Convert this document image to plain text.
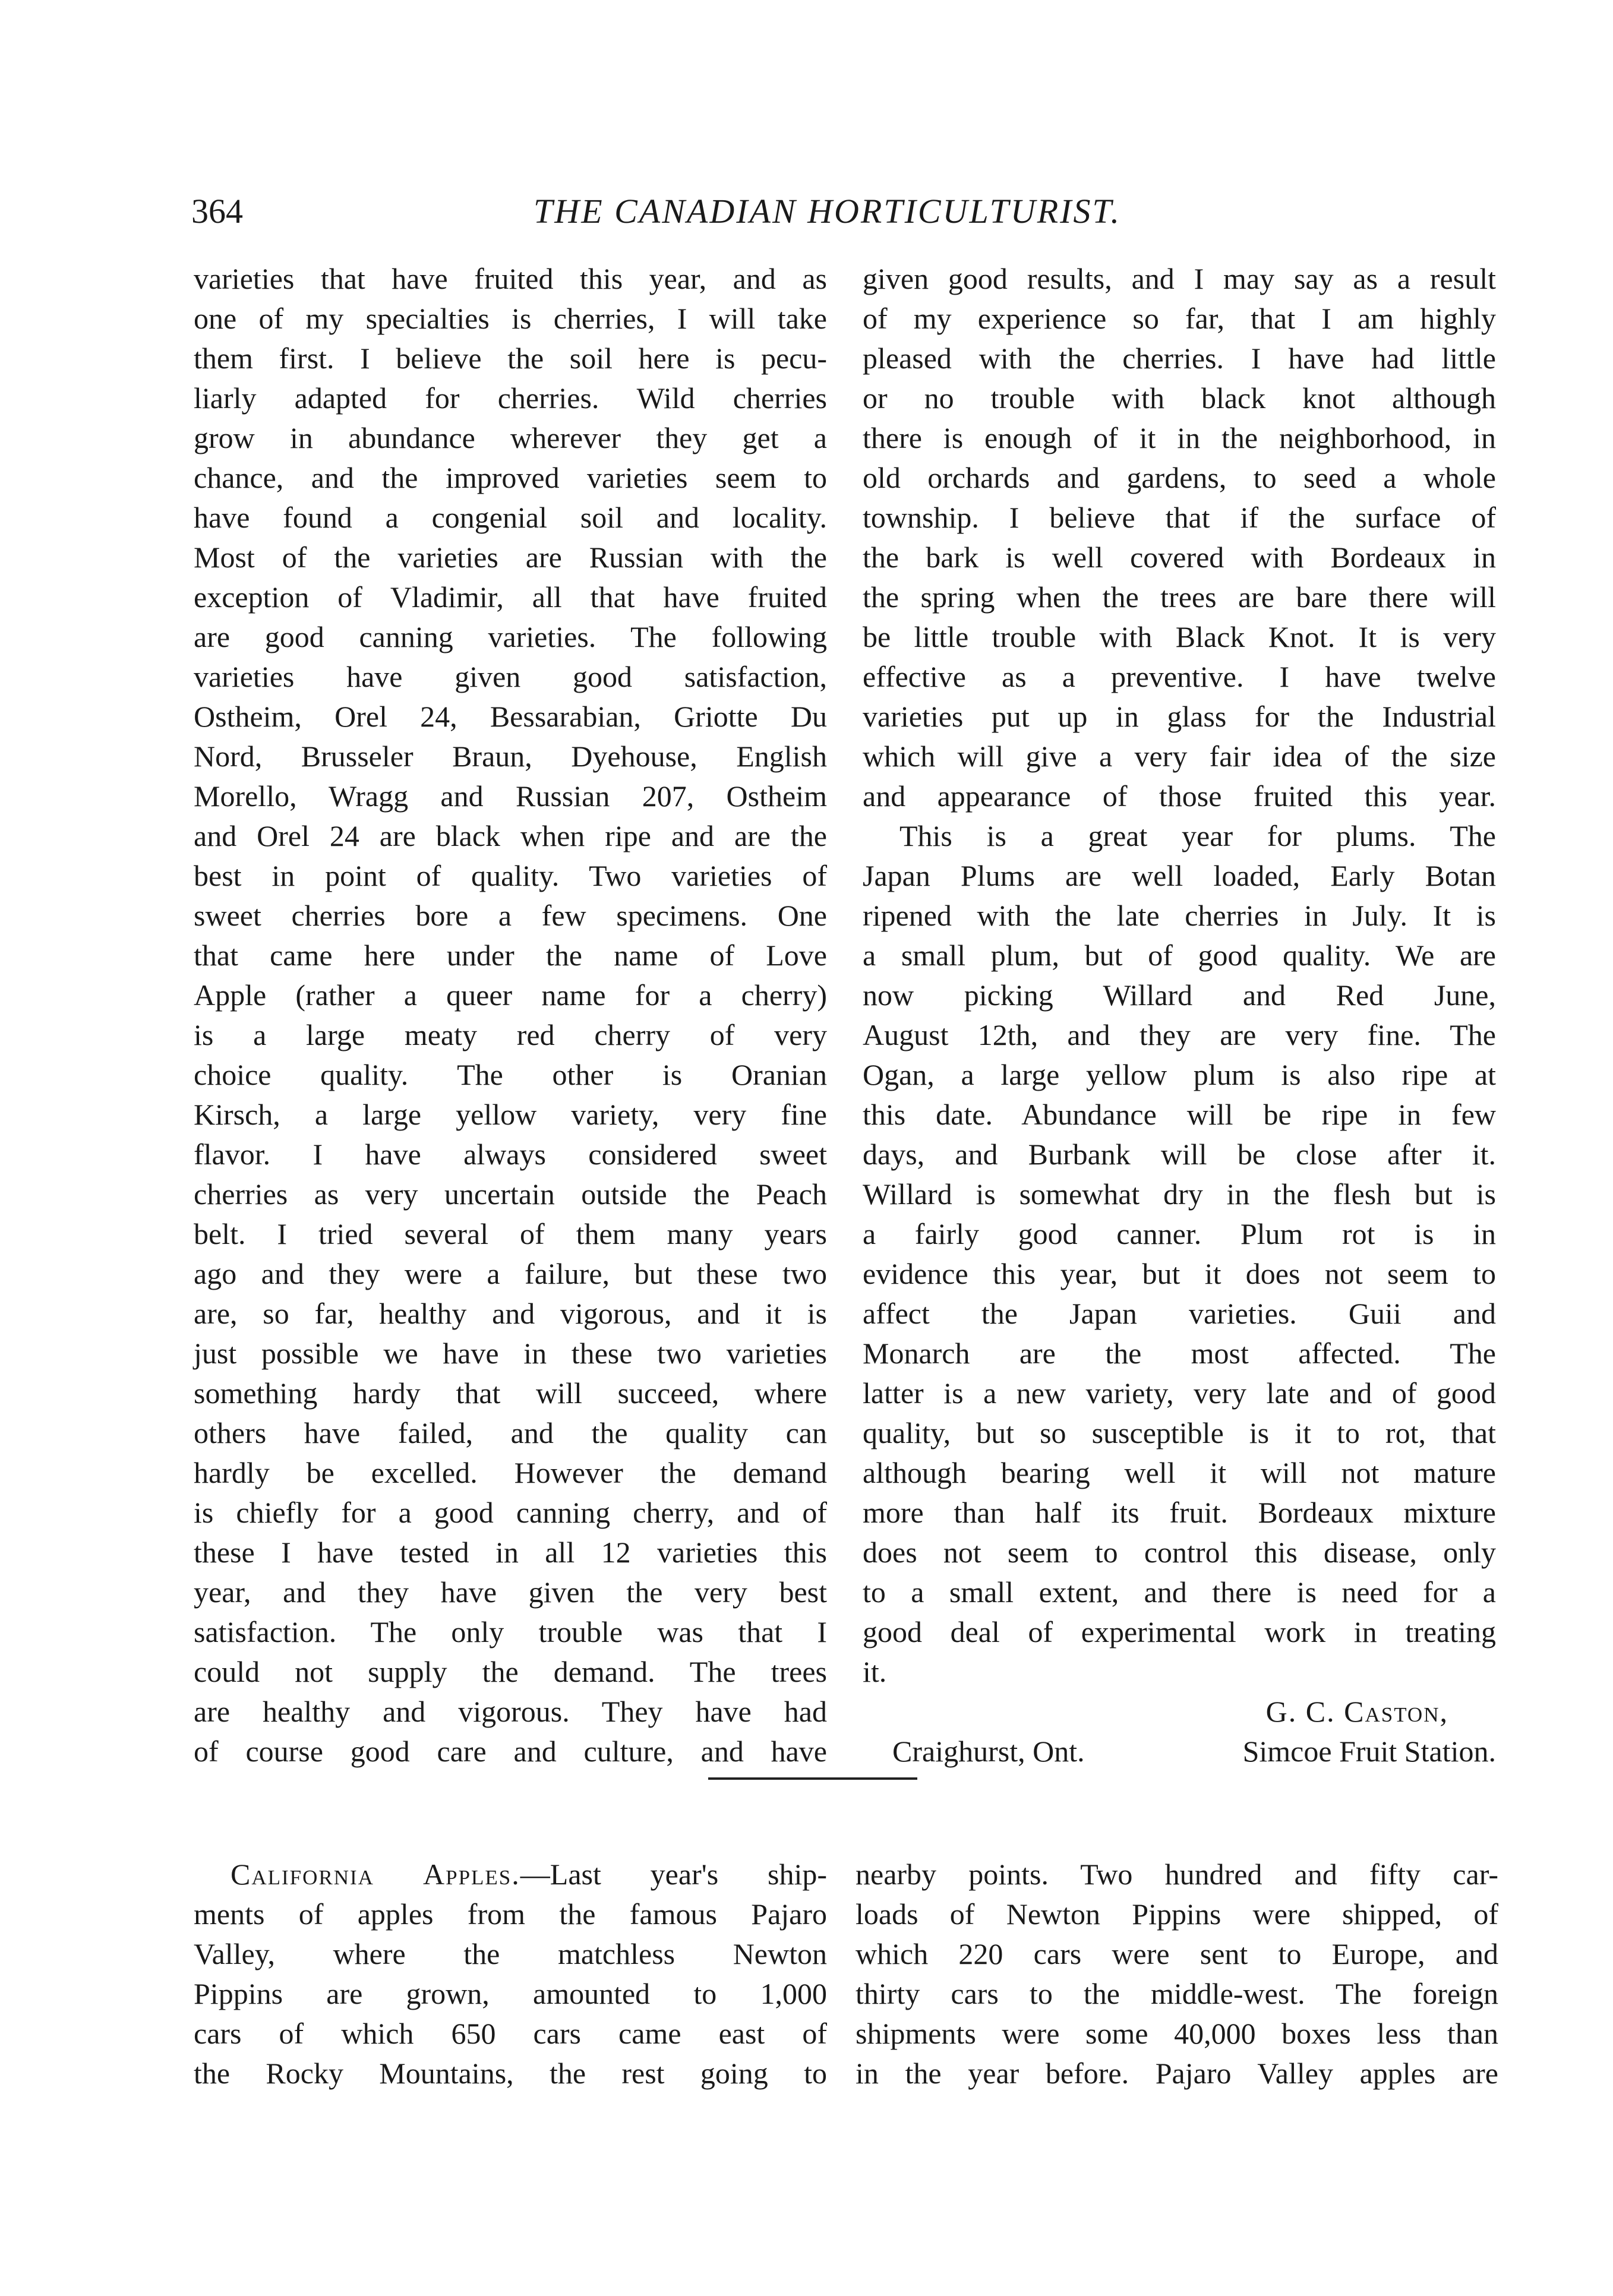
364	THE CANADIAN HORTICULTURIST.
varieties that have fruited this year, and as
one of my specialties is cherries, I will take
them first. I believe the soil here is pecu-
liarly adapted for cherries. Wild cherries
grow in abundance wherever they get a
chance, and the improved varieties seem to
have found a congenial soil and locality.
Most of the varieties are Russian with the
exception of Vladimir, all that have fruited
are good canning varieties. The following
varieties have given good satisfaction,
Ostheim, Orel 24, Bessarabian, Griotte Du
Nord, Brusseler Braun, Dyehouse, English
Morello, Wragg and Russian 207, Ostheim
and Orel 24 are black when ripe and are the
best in point of quality. Two varieties of
sweet cherries bore a few specimens. One
that came here under the name of Love
Apple (rather a queer name for a cherry)
is a large meaty red cherry of very
choice quality. The other is Oranian
Kirsch, a large yellow variety, very fine
flavor. I have always considered sweet
cherries as very uncertain outside the Peach
belt. I tried several of them many years
ago and they were a failure, but these two
are, so far, healthy and vigorous, and it is
just possible we have in these two varieties
something hardy that will succeed, where
others have failed, and the quality can
hardly be excelled. However the demand
is chiefly for a good canning cherry, and of
these I have tested in all 12 varieties this
year, and they have given the very best
satisfaction. The only trouble was that I
could not supply the demand. The trees
are healthy and vigorous. They have had
of course good care and culture, and have
given good results, and I may say as a result
of my experience so far, that I am highly
pleased with the cherries. I have had little
or no trouble with black knot although
there is enough of it in the neighborhood, in
old orchards and gardens, to seed a whole
township. I believe that if the surface of
the bark is well covered with Bordeaux in
the spring when the trees are bare there will
be little trouble with Black Knot. It is very
effective as a preventive. I have twelve
varieties put up in glass for the Industrial
which will give a very fair idea of the size
and appearance of those fruited this year.
This is a great year for plums. The
Japan Plums are well loaded, Early Botan
ripened with the late cherries in July. It is
a small plum, but of good quality. We are
now picking Willard and Red June,
August 12th, and they are very fine. The
Ogan, a large yellow plum is also ripe at
this date. Abundance will be ripe in few
days, and Burbank will be close after it.
Willard is somewhat dry in the flesh but is
a fairly good canner. Plum rot is in
evidence this year, but it does not seem to
affect the Japan varieties. Guii and
Monarch are the most affected. The
latter is a new variety, very late and of good
quality, but so susceptible is it to rot, that
although bearing well it will not mature
more than half its fruit. Bordeaux mixture
does not seem to control this disease, only
to a small extent, and there is need for a
good deal of experimental work in treating
it.
G. C. Caston,
Craighurst, Ont.	Simcoe Fruit Station.
California Apples.—Last year's ship-
ments of apples from the famous Pajaro
Valley, where the matchless Newton
Pippins are grown, amounted to 1,000
cars of which 650 cars came east of
the Rocky Mountains, the rest going to
nearby points. Two hundred and fifty car-
loads of Newton Pippins were shipped, of
which 220 cars were sent to Europe, and
thirty cars to the middle-west. The foreign
shipments were some 40,000 boxes less than
in the year before. Pajaro Valley apples are
